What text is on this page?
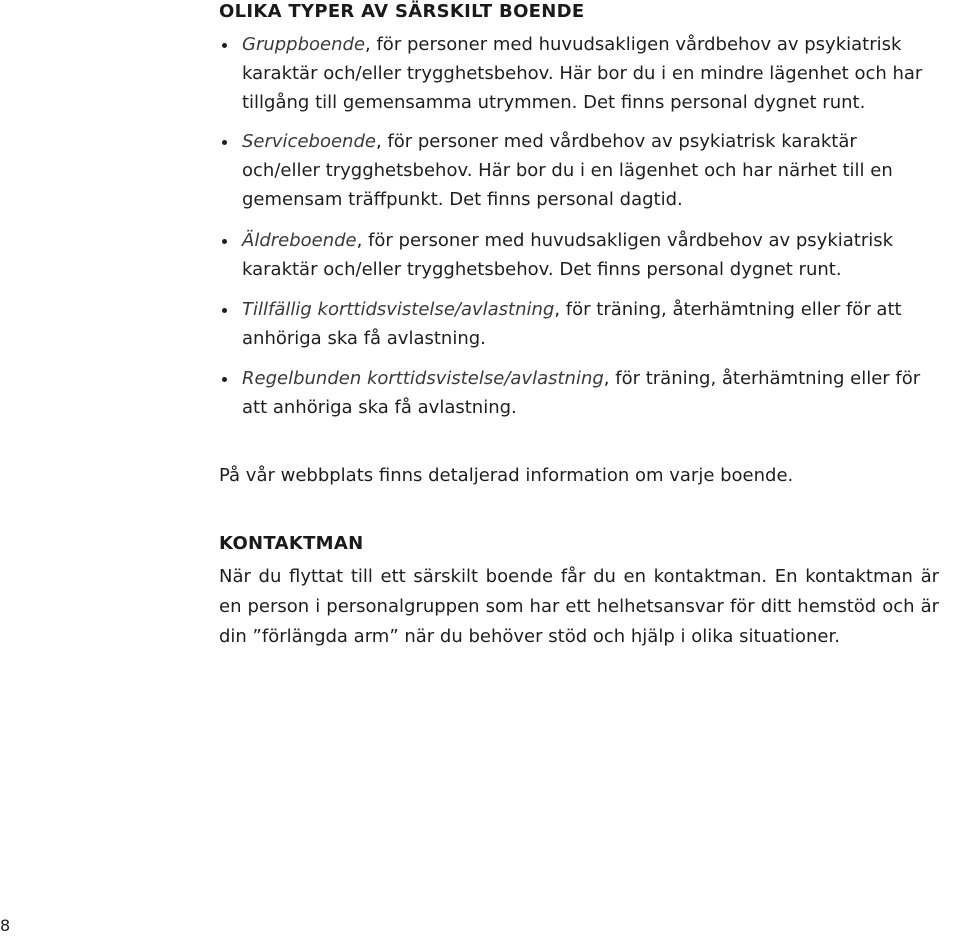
OLIKA TYPER AV SÄRSKILT BOENDE
Gruppboende, för personer med huvudsakligen vårdbehov av psykiatrisk karaktär och/eller trygghetsbehov. Här bor du i en mindre lägenhet och har tillgång till gemensamma utrymmen. Det finns personal dygnet runt.
Serviceboende, för personer med vårdbehov av psykiatrisk karaktär och/eller trygghetsbehov. Här bor du i en lägenhet och har närhet till en gemensam träffpunkt. Det finns personal dagtid.
Äldreboende, för personer med huvudsakligen vårdbehov av psykiatrisk karaktär och/eller trygghetsbehov. Det finns personal dygnet runt.
Tillfällig korttidsvistelse/avlastning, för träning, återhämtning eller för att anhöriga ska få avlastning.
Regelbunden korttidsvistelse/avlastning, för träning, återhämtning eller för att anhöriga ska få avlastning.

På vår webbplats finns detaljerad information om varje boende.

KONTAKTMAN

När du flyttat till ett särskilt boende får du en kontaktman. En kontaktman är en person i personalgruppen som har ett helhetsansvar för ditt hemstöd och är din ”förlängda arm” när du behöver stöd och hjälp i olika situationer.

8
